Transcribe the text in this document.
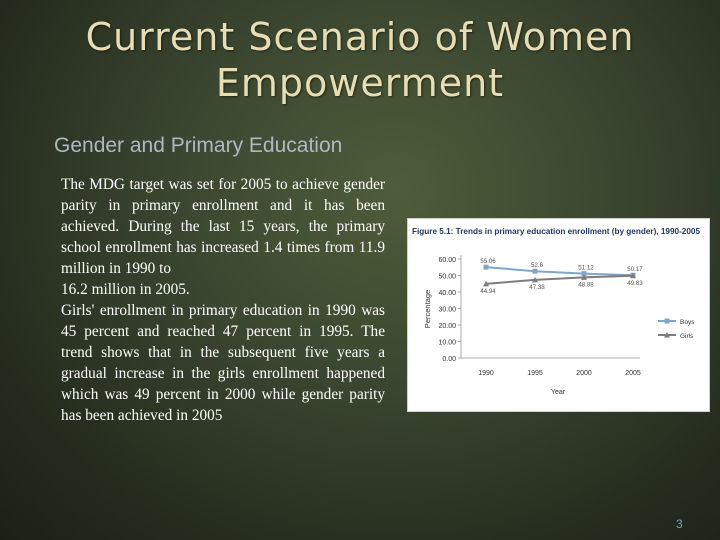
Current Scenario of Women
Empowerment
Gender and Primary Education

The MDG target was set for 2005 to achieve gender parity in primary enrollment and it has been achieved. During the last 15 years, the primary school enrollment has increased 1.4 times from 11.9 million in 1990 to

16.2 million in 2005.

Girls' enrollment in primary education in 1990 was 45 percent and reached 47 percent in 1995. The trend shows that in the subsequent five years a gradual increase in the girls enrollment happened which was 49 percent in 2000 while gender parity has been achieved in 2005

Figure 5.1: Trends in primary education enrollment (by gender), 1990-2005
0.00
10.00
20.00
30.00
40.00
50.00
60.00
Percentage
1990	1995	2000	2005
Year
55.06
52.6	51.12	50.17
44.94
47.38	48.88	49.83
Boys
Girls
3
